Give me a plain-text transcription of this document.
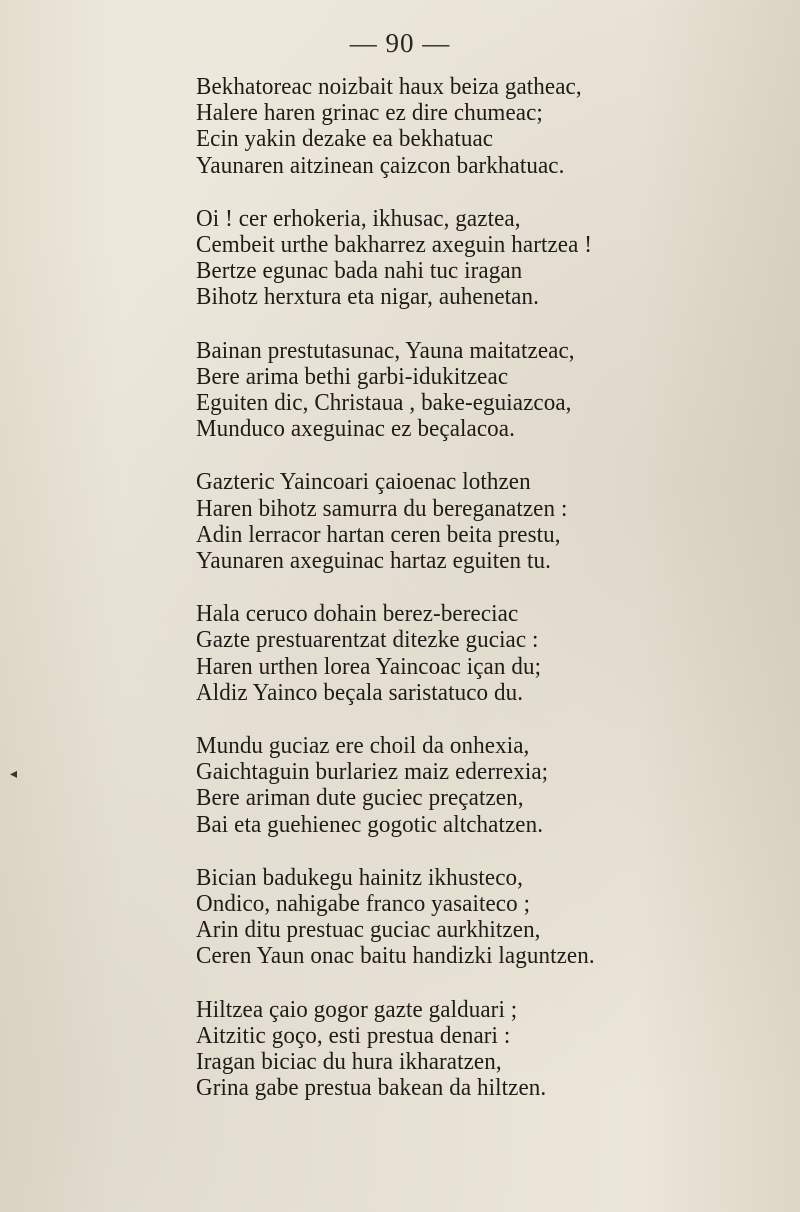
— 90 —
◂
Bekhatoreac noizbait haux beiza gatheac,
Halere haren grinac ez dire chumeac;
Ecin yakin dezake ea bekhatuac
Yaunaren aitzinean çaizcon barkhatuac.
Oi ! cer erhokeria, ikhusac, gaztea,
Cembeit urthe bakharrez axeguin hartzea !
Bertze egunac bada nahi tuc iragan
Bihotz herxtura eta nigar, auhenetan.
Bainan prestutasunac, Yauna maitatzeac,
Bere arima bethi garbi-idukitzeac
Eguiten dic, Christaua , bake-eguiazcoa,
Munduco axeguinac ez beçalacoa.
Gazteric Yaincoari çaioenac lothzen
Haren bihotz samurra du bereganatzen :
Adin lerracor hartan ceren beita prestu,
Yaunaren axeguinac hartaz eguiten tu.
Hala ceruco dohain berez-bereciac
Gazte prestuarentzat ditezke guciac :
Haren urthen lorea Yaincoac içan du;
Aldiz Yainco beçala saristatuco du.
Mundu guciaz ere choil da onhexia,
Gaichtaguin burlariez maiz ederrexia;
Bere ariman dute guciec preçatzen,
Bai eta guehienec gogotic altchatzen.
Bician badukegu hainitz ikhusteco,
Ondico, nahigabe franco yasaiteco ;
Arin ditu prestuac guciac aurkhitzen,
Ceren Yaun onac baitu handizki laguntzen.
Hiltzea çaio gogor gazte galduari ;
Aitzitic goço, esti prestua denari :
Iragan biciac du hura ikharatzen,
Grina gabe prestua bakean da hiltzen.
